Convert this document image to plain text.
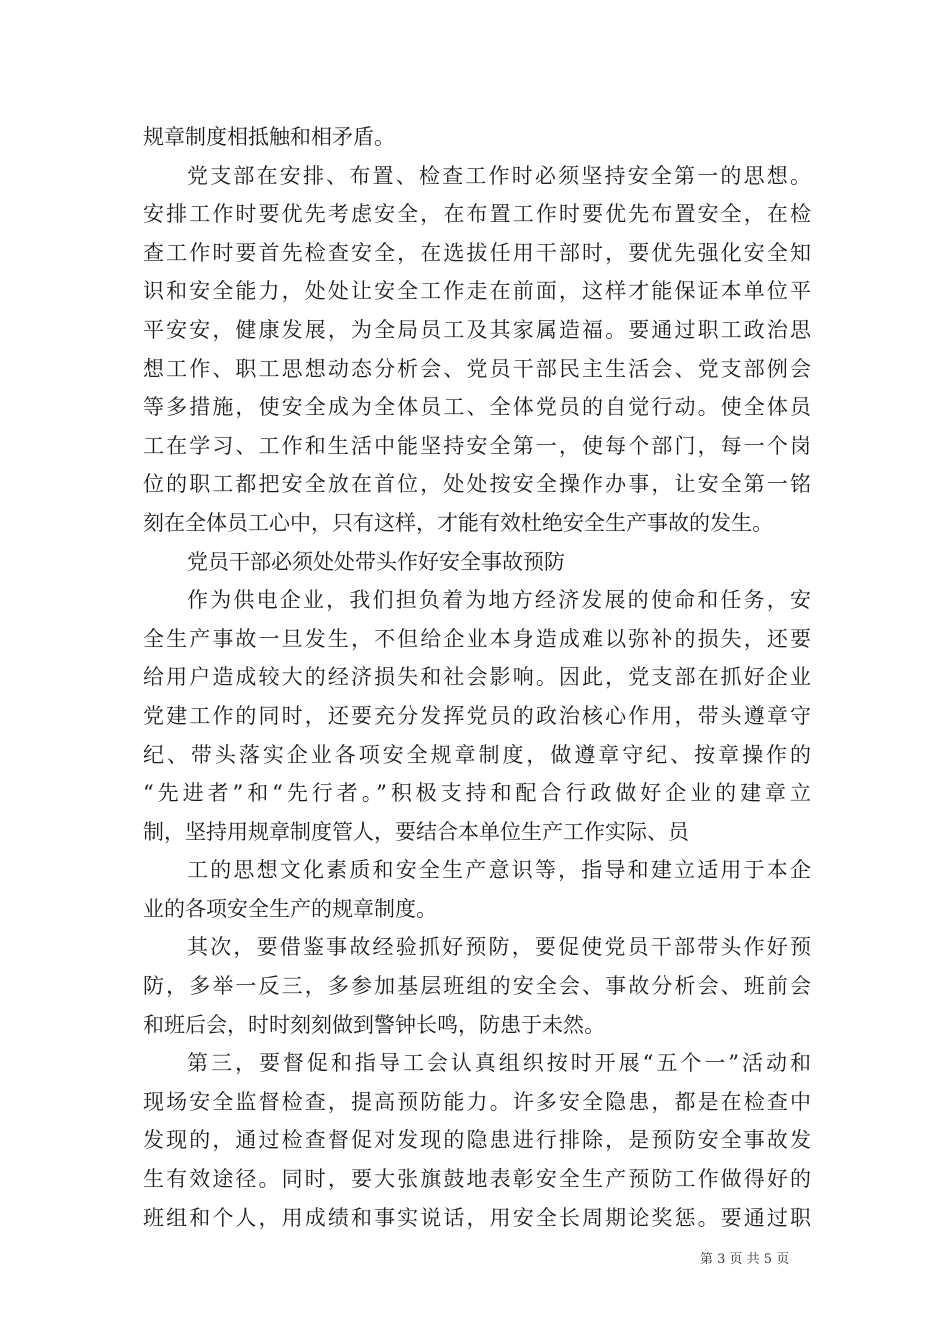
规章制度相抵触和相矛盾。
党支部在安排、布置、检查工作时必须坚持安全第一的思想。
安排工作时要优先考虑安全，在布置工作时要优先布置安全，在检
查工作时要首先检查安全，在选拔任用干部时，要优先强化安全知
识和安全能力，处处让安全工作走在前面，这样才能保证本单位平
平安安，健康发展，为全局员工及其家属造福。要通过职工政治思
想工作、职工思想动态分析会、党员干部民主生活会、党支部例会
等多措施，使安全成为全体员工、全体党员的自觉行动。使全体员
工在学习、工作和生活中能坚持安全第一，使每个部门，每一个岗
位的职工都把安全放在首位，处处按安全操作办事，让安全第一铭
刻在全体员工心中，只有这样，才能有效杜绝安全生产事故的发生。
党员干部必须处处带头作好安全事故预防
作为供电企业，我们担负着为地方经济发展的使命和任务，安
全生产事故一旦发生，不但给企业本身造成难以弥补的损失，还要
给用户造成较大的经济损失和社会影响。因此，党支部在抓好企业
党建工作的同时，还要充分发挥党员的政治核心作用，带头遵章守
纪、带头落实企业各项安全规章制度，做遵章守纪、按章操作的
“先进者”和“先行者。”积极支持和配合行政做好企业的建章立
制，坚持用规章制度管人，要结合本单位生产工作实际、员
工的思想文化素质和安全生产意识等，指导和建立适用于本企
业的各项安全生产的规章制度。
其次，要借鉴事故经验抓好预防，要促使党员干部带头作好预
防，多举一反三，多参加基层班组的安全会、事故分析会、班前会
和班后会，时时刻刻做到警钟长鸣，防患于未然。
第三，要督促和指导工会认真组织按时开展“五个一”活动和
现场安全监督检查，提高预防能力。许多安全隐患，都是在检查中
发现的，通过检查督促对发现的隐患进行排除，是预防安全事故发
生有效途径。同时，要大张旗鼓地表彰安全生产预防工作做得好的
班组和个人，用成绩和事实说话，用安全长周期论奖惩。要通过职
第 3 页 共 5 页
